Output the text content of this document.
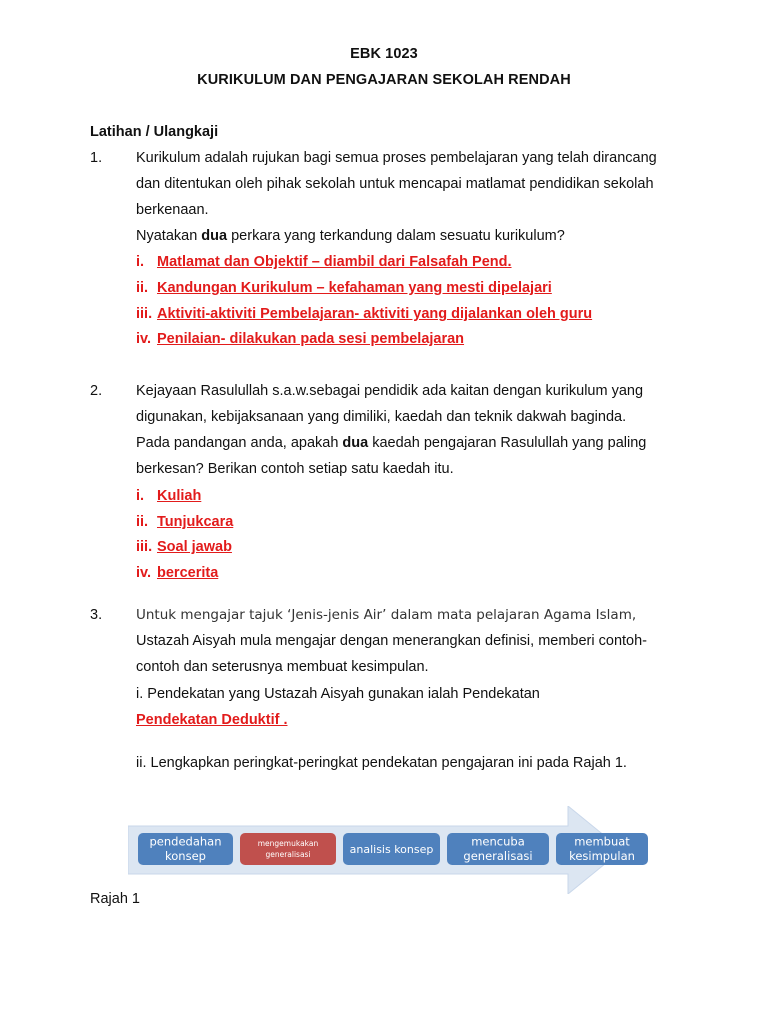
EBK 1023
KURIKULUM DAN PENGAJARAN SEKOLAH RENDAH
Latihan / Ulangkaji
1. Kurikulum adalah rujukan bagi semua proses pembelajaran yang telah dirancang
dan ditentukan oleh pihak sekolah untuk mencapai matlamat pendidikan sekolah
berkenaan.
Nyatakan dua perkara yang terkandung dalam sesuatu kurikulum?
i. Matlamat dan Objektif – diambil dari Falsafah Pend.
ii. Kandungan Kurikulum – kefahaman yang mesti dipelajari
iii. Aktiviti-aktiviti Pembelajaran- aktiviti yang dijalankan oleh guru
iv. Penilaian- dilakukan pada sesi pembelajaran
2. Kejayaan Rasulullah s.a.w.sebagai pendidik ada kaitan dengan kurikulum yang
digunakan, kebijaksanaan yang dimiliki, kaedah dan teknik dakwah baginda.
Pada pandangan anda, apakah dua kaedah pengajaran Rasulullah yang paling
berkesan? Berikan contoh setiap satu kaedah itu.
i. Kuliah
ii. Tunjukcara
iii. Soal jawab
iv. bercerita
3.	Untuk mengajar tajuk ‘Jenis-jenis Air’ dalam mata pelajaran Agama Islam,
Ustazah Aisyah mula mengajar dengan menerangkan definisi, memberi contoh-
contoh dan seterusnya membuat kesimpulan.
i. Pendekatan yang Ustazah Aisyah gunakan ialah Pendekatan
Pendekatan Deduktif .
ii. Lengkapkan peringkat-peringkat pendekatan pengajaran ini pada Rajah 1.
pendedahan
konsep
mengemukakan
generalisasi	analisis konsep
mencuba
generalisasi
membuat
kesimpulan
Rajah 1
